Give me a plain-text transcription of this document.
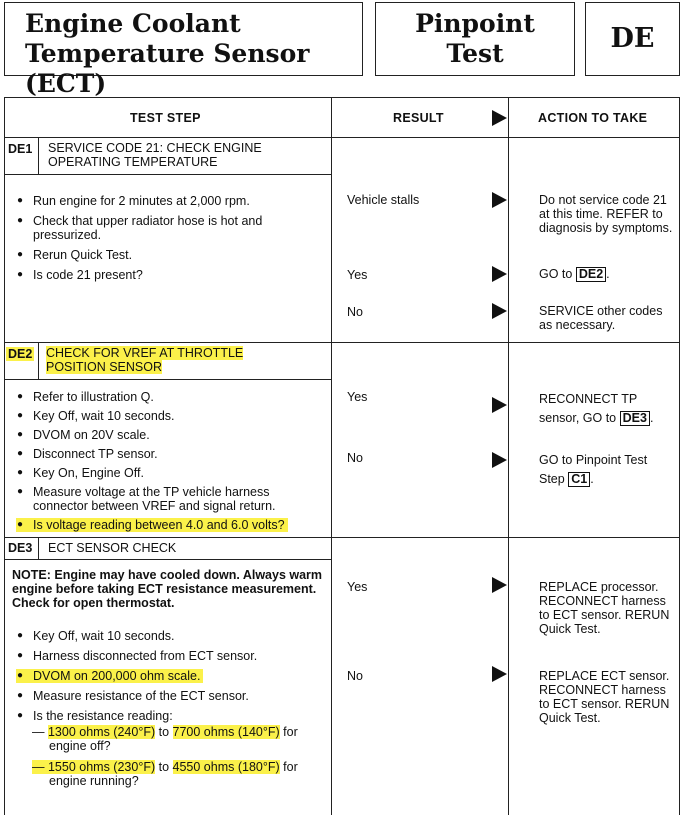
Engine Coolant
Temperature Sensor (ECT)
Pinpoint
Test	DE
TEST STEP	RESULT	ACTION TO TAKE
DE1 SERVICE CODE 21: CHECK ENGINE
OPERATING TEMPERATURE
● Run engine for 2 minutes at 2,000 rpm.
● Check that upper radiator hose is hot and pressurized.
● Rerun Quick Test.
● Is code 21 present?
Vehicle stalls	Do not service code 21 at this time. REFER to diagnosis by symptoms.
Yes	GO to DE2 .
No	SERVICE other codes as necessary.
DE2 CHECK FOR VREF AT THROTTLE
POSITION SENSOR
● Refer to illustration Q.
● Key Off, wait 10 seconds.
● DVOM on 20V scale.
● Disconnect TP sensor.
● Key On, Engine Off.
● Measure voltage at the TP vehicle harness connector between VREF and signal return.
● Is voltage reading between 4.0 and 6.0 volts?
Yes	RECONNECT TP
sensor, GO to DE3 .
No	GO to Pinpoint Test
Step C1 .
DE3 ECT SENSOR CHECK
NOTE: Engine may have cooled down. Always warm engine before taking ECT resistance measurement. Check for open thermostat.
● Key Off, wait 10 seconds.
● Harness disconnected from ECT sensor.
● DVOM on 200,000 ohm scale.
● Measure resistance of the ECT sensor.
● Is the resistance reading:
— 1300 ohms (240°F) to 7700 ohms (140°F) for
engine off?
— 1550 ohms (230°F) to 4550 ohms (180°F) for
engine running?
Yes	REPLACE processor. RECONNECT harness to ECT sensor. RERUN Quick Test.
No	REPLACE ECT sensor. RECONNECT harness to ECT sensor. RERUN Quick Test.
